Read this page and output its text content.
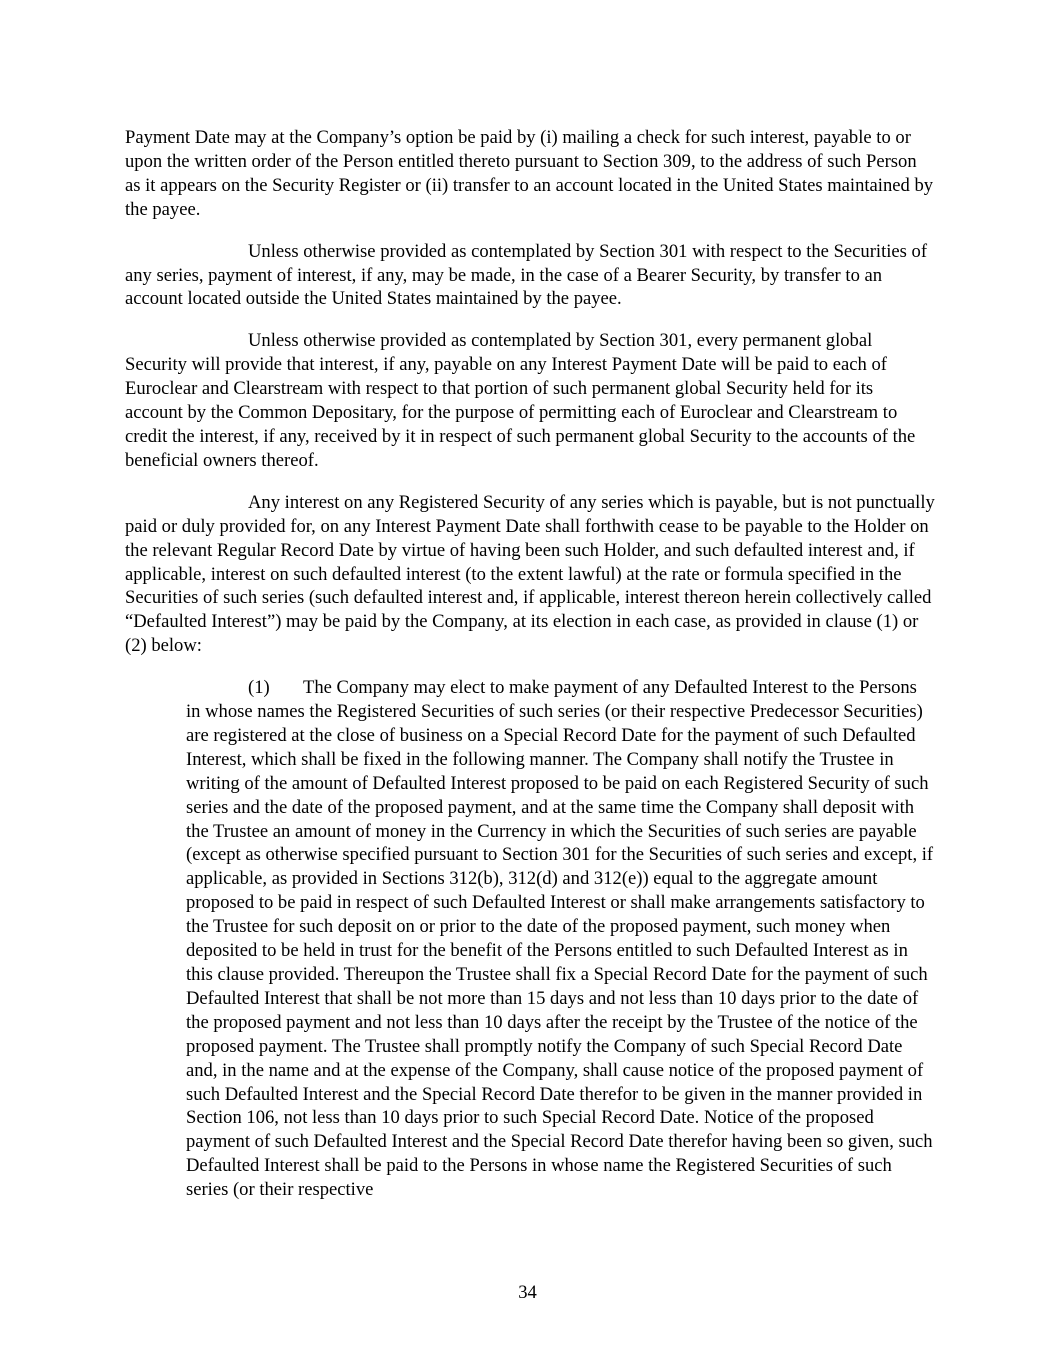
Payment Date may at the Company’s option be paid by (i) mailing a check for such interest, payable to or upon the written order of the Person entitled thereto pursuant to Section 309, to the address of such Person as it appears on the Security Register or (ii) transfer to an account located in the United States maintained by the payee.

Unless otherwise provided as contemplated by Section 301 with respect to the Securities of any series, payment of interest, if any, may be made, in the case of a Bearer Security, by transfer to an account located outside the United States maintained by the payee.

Unless otherwise provided as contemplated by Section 301, every permanent global Security will provide that interest, if any, payable on any Interest Payment Date will be paid to each of Euroclear and Clearstream with respect to that portion of such permanent global Security held for its account by the Common Depositary, for the purpose of permitting each of Euroclear and Clearstream to credit the interest, if any, received by it in respect of such permanent global Security to the accounts of the beneficial owners thereof.

Any interest on any Registered Security of any series which is payable, but is not punctually paid or duly provided for, on any Interest Payment Date shall forthwith cease to be payable to the Holder on the relevant Regular Record Date by virtue of having been such Holder, and such defaulted interest and, if applicable, interest on such defaulted interest (to the extent lawful) at the rate or formula specified in the Securities of such series (such defaulted interest and, if applicable, interest thereon herein collectively called “Defaulted Interest”) may be paid by the Company, at its election in each case, as provided in clause (1) or (2) below:

(1) The Company may elect to make payment of any Defaulted Interest to the Persons in whose names the Registered Securities of such series (or their respective Predecessor Securities) are registered at the close of business on a Special Record Date for the payment of such Defaulted Interest, which shall be fixed in the following manner. The Company shall notify the Trustee in writing of the amount of Defaulted Interest proposed to be paid on each Registered Security of such series and the date of the proposed payment, and at the same time the Company shall deposit with the Trustee an amount of money in the Currency in which the Securities of such series are payable (except as otherwise specified pursuant to Section 301 for the Securities of such series and except, if applicable, as provided in Sections 312(b), 312(d) and 312(e)) equal to the aggregate amount proposed to be paid in respect of such Defaulted Interest or shall make arrangements satisfactory to the Trustee for such deposit on or prior to the date of the proposed payment, such money when deposited to be held in trust for the benefit of the Persons entitled to such Defaulted Interest as in this clause provided. Thereupon the Trustee shall fix a Special Record Date for the payment of such Defaulted Interest that shall be not more than 15 days and not less than 10 days prior to the date of the proposed payment and not less than 10 days after the receipt by the Trustee of the notice of the proposed payment. The Trustee shall promptly notify the Company of such Special Record Date and, in the name and at the expense of the Company, shall cause notice of the proposed payment of such Defaulted Interest and the Special Record Date therefor to be given in the manner provided in Section 106, not less than 10 days prior to such Special Record Date. Notice of the proposed payment of such Defaulted Interest and the Special Record Date therefor having been so given, such Defaulted Interest shall be paid to the Persons in whose name the Registered Securities of such series (or their respective

34
